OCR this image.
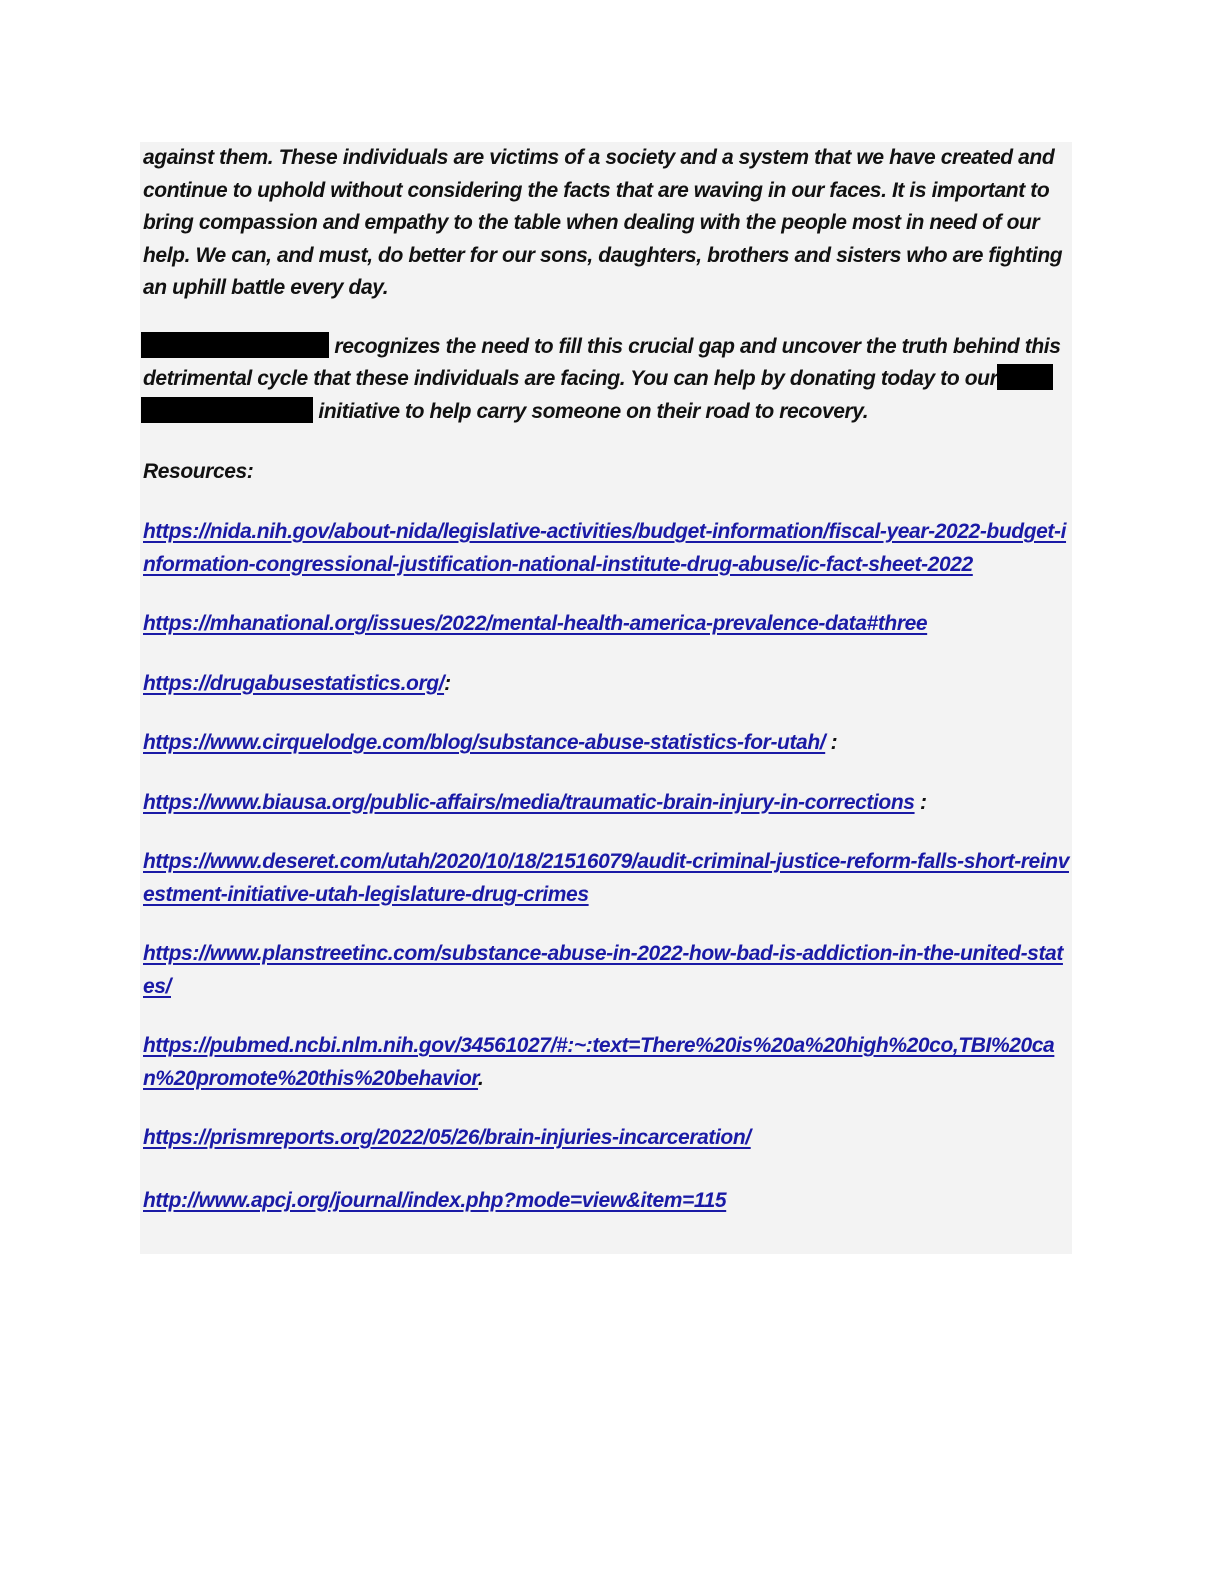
against them. These individuals are victims of a society and a system that we have created and continue to uphold without considering the facts that are waving in our faces. It is important to bring compassion and empathy to the table when dealing with the people most in need of our help. We can, and must, do better for our sons, daughters, brothers and sisters who are fighting an uphill battle every day.

recognizes the need to fill this crucial gap and uncover the truth behind this detrimental cycle that these individuals are facing. You can help by donating today to our
initiative to help carry someone on their road to recovery.

Resources:
https://nida.nih.gov/about-nida/legislative-activities/budget-information/fiscal-year-2022-budget-information-congressional-justification-national-institute-drug-abuse/ic-fact-sheet-2022
https://mhanational.org/issues/2022/mental-health-america-prevalence-data#three
https://drugabusestatistics.org/:
https://www.cirquelodge.com/blog/substance-abuse-statistics-for-utah/ :
https://www.biausa.org/public-affairs/media/traumatic-brain-injury-in-corrections :
https://www.deseret.com/utah/2020/10/18/21516079/audit-criminal-justice-reform-falls-short-reinvestment-initiative-utah-legislature-drug-crimes
https://www.planstreetinc.com/substance-abuse-in-2022-how-bad-is-addiction-in-the-united-states/
https://pubmed.ncbi.nlm.nih.gov/34561027/#:~:text=There%20is%20a%20high%20co,TBI%20can%20promote%20this%20behavior.
https://prismreports.org/2022/05/26/brain-injuries-incarceration/
http://www.apcj.org/journal/index.php?mode=view&item=115
